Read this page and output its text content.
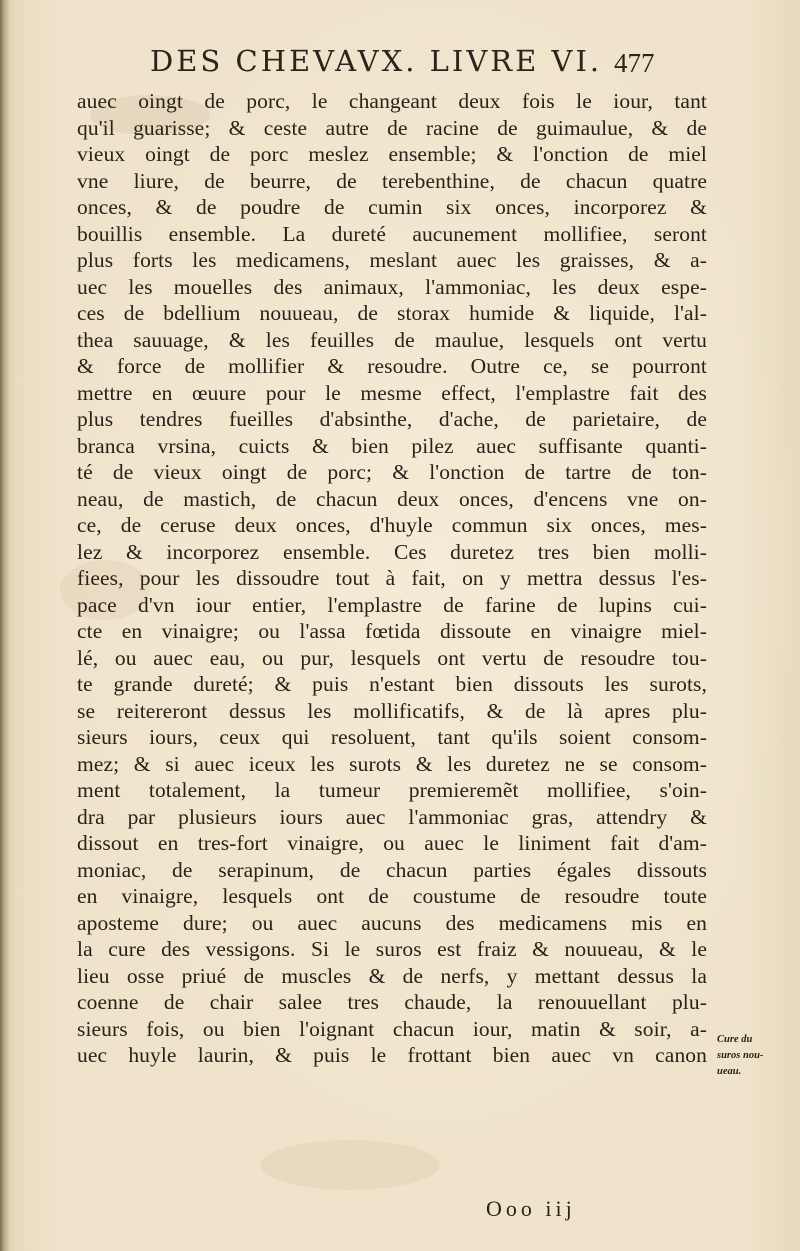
DES CHEVAVX. LIVRE VI. 477
auec oingt de porc, le changeant deux fois le iour, tant
qu'il guarisse; & ceste autre de racine de guimaulue, & de
vieux oingt de porc meslez ensemble; & l'onction de miel
vne liure, de beurre, de terebenthine, de chacun quatre
onces, & de poudre de cumin six onces, incorporez &
bouillis ensemble. La dureté aucunement mollifiee, seront
plus forts les medicamens, meslant auec les graisses, & a-
uec les mouelles des animaux, l'ammoniac, les deux espe-
ces de bdellium nouueau, de storax humide & liquide, l'al-
thea sauuage, & les feuilles de maulue, lesquels ont vertu
& force de mollifier & resoudre. Outre ce, se pourront
mettre en œuure pour le mesme effect, l'emplastre fait des
plus tendres fueilles d'absinthe, d'ache, de parietaire, de
branca vrsina, cuicts & bien pilez auec suffisante quanti-
té de vieux oingt de porc; & l'onction de tartre de ton-
neau, de mastich, de chacun deux onces, d'encens vne on-
ce, de ceruse deux onces, d'huyle commun six onces, mes-
lez & incorporez ensemble. Ces duretez tres bien molli-
fiees, pour les dissoudre tout à fait, on y mettra dessus l'es-
pace d'vn iour entier, l'emplastre de farine de lupins cui-
cte en vinaigre; ou l'assa fœtida dissoute en vinaigre miel-
lé, ou auec eau, ou pur, lesquels ont vertu de resoudre tou-
te grande dureté; & puis n'estant bien dissouts les surots,
se reitereront dessus les mollificatifs, & de là apres plu-
sieurs iours, ceux qui resoluent, tant qu'ils soient consom-
mez; & si auec iceux les surots & les duretez ne se consom-
ment totalement, la tumeur premieremẽt mollifiee, s'oin-
dra par plusieurs iours auec l'ammoniac gras, attendry &
dissout en tres-fort vinaigre, ou auec le liniment fait d'am-
moniac, de serapinum, de chacun parties égales dissouts
en vinaigre, lesquels ont de coustume de resoudre toute
aposteme dure; ou auec aucuns des medicamens mis en
la cure des vessigons. Si le suros est fraiz & nouueau, & le
lieu osse priué de muscles & de nerfs, y mettant dessus la
coenne de chair salee tres chaude, la renouuellant plu-
sieurs fois, ou bien l'oignant chacun iour, matin & soir, a-
uec huyle laurin, & puis le frottant bien auec vn canon
Cure du
suros nou-
ueau.
Ooo iij
